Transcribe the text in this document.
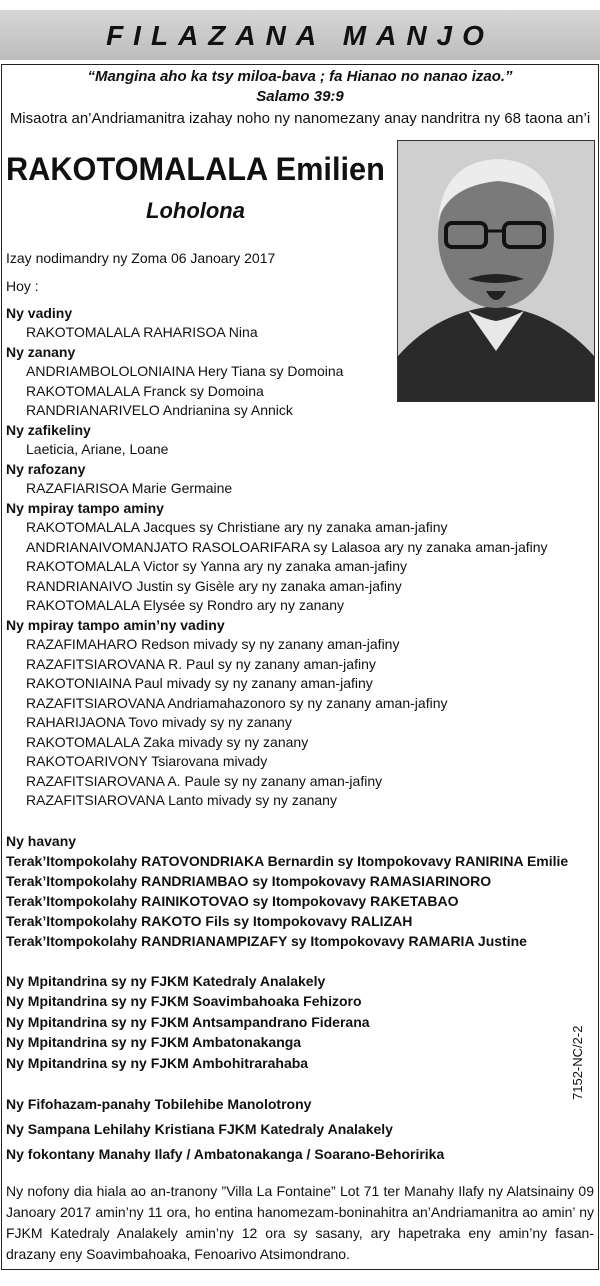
FILAZANA MANJO
“Mangina aho ka tsy miloa-bava ; fa Hianao no nanao izao.”
Salamo 39:9
Misaotra an’Andriamanitra izahay noho ny nanomezany anay nandritra ny 68 taona an’i
RAKOTOMALALA Emilien
Loholona
Izay nodimandry ny Zoma 06 Janoary 2017
Hoy :
Ny vadiny
RAKOTOMALALA RAHARISOA Nina
Ny zanany
ANDRIAMBOLOLONIAINA Hery Tiana sy Domoina
RAKOTOMALALA Franck sy Domoina
RANDRIANARIVELO Andrianina sy Annick
Ny zafikeliny
Laeticia, Ariane, Loane
Ny rafozany
RAZAFIARISOA Marie Germaine
Ny mpiray tampo aminy
RAKOTOMALALA Jacques sy Christiane ary ny zanaka aman-jafiny
ANDRIANAIVOMANJATO RASOLOARIFARA sy Lalasoa ary ny zanaka aman-jafiny
RAKOTOMALALA Victor sy Yanna ary ny zanaka aman-jafiny
RANDRIANAIVO Justin sy Gisèle ary ny zanaka aman-jafiny
RAKOTOMALALA Elysée sy Rondro ary ny zanany
Ny mpiray tampo amin’ny vadiny
RAZAFIMAHARO Redson mivady sy ny zanany aman-jafiny
RAZAFITSIAROVANA R. Paul sy ny zanany aman-jafiny
RAKOTONIAINA Paul mivady sy ny zanany aman-jafiny
RAZAFITSIAROVANA Andriamahazonoro sy ny zanany aman-jafiny
RAHARIJAONA Tovo mivady sy ny zanany
RAKOTOMALALA Zaka mivady sy ny zanany
RAKOTOARIVONY Tsiarovana mivady
RAZAFITSIAROVANA A. Paule sy ny zanany aman-jafiny
RAZAFITSIAROVANA Lanto mivady sy ny zanany
Ny havany
Terak’Itompokolahy RATOVONDRIAKA Bernardin sy Itompokovavy RANIRINA Emilie
Terak’Itompokolahy RANDRIAMBAO sy Itompokovavy RAMASIARINORO
Terak’Itompokolahy RAINIKOTOVAO sy Itompokovavy RAKETABAO
Terak’Itompokolahy RAKOTO Fils sy Itompokovavy RALIZAH
Terak’Itompokolahy RANDRIANAMPIZAFY sy Itompokovavy RAMARIA Justine
Ny Mpitandrina sy ny FJKM Katedraly Analakely
Ny Mpitandrina sy ny FJKM Soavimbahoaka Fehizoro
Ny Mpitandrina sy ny FJKM Antsampandrano Fiderana
Ny Mpitandrina sy ny FJKM Ambatonakanga
Ny Mpitandrina sy ny FJKM Ambohitrarahaba
Ny Fifohazam-panahy Tobilehibe Manolotrony
Ny Sampana Lehilahy Kristiana FJKM Katedraly Analakely
Ny fokontany Manahy Ilafy / Ambatonakanga / Soarano-Behoririka
Ny nofony dia hiala ao an-tranony ”Villa La Fontaine” Lot 71 ter Manahy Ilafy ny Alatsinainy 09 Janoary 2017 amin’ny 11 ora, ho entina hanomezam-boninahitra an’Andriamanitra ao amin’ ny FJKM Katedraly Analakely amin’ny 12 ora sy sasany, ary hapetraka eny amin’ny fasan-drazany eny Soavimbahoaka, Fenoarivo Atsimondrano.
7152-NC/2-2
